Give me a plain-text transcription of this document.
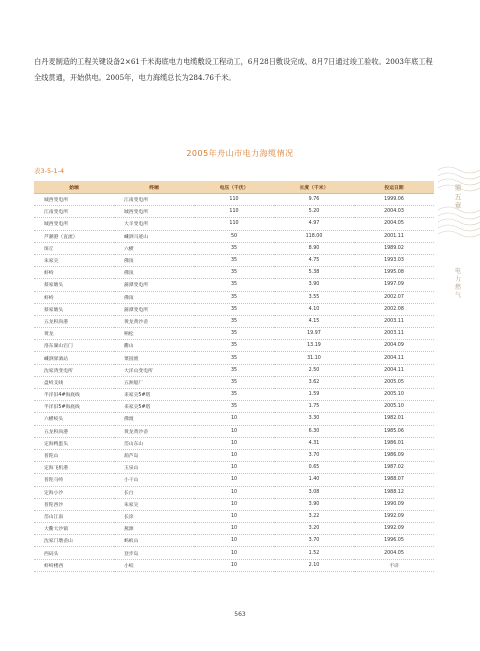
白丹麦制造的工程关键设备2×61千米海底电力电缆敷设工程动工，6月28日敷设完成、8月7日通过竣工验收。2003年底工程全线贯通，开始供电。2005年，电力海缆总长为284.76千米。
2005年舟山市电力海缆情况
表3-5-1-4
始端	终端	电压（千伏）	长度（千米）	投运日期
城西变电所	江南变电所	110	9.76	1999.06
江南变电所	城西变电所	110	5.20	2004.03
城西变电所	大羊变电所	110	4.97	2004.05
芦潮港（直流）	嵊泗马迹山	50	118.00	2001.11
斑丘	六横	35	8.90	1989.02
朱家尖	佛顶	35	4.75	1993.03
虾峙	佛顶	35	5.38	1995.08
蔡家塘头	蒲潭变电所	35	3.90	1997.09
虾峙	佛顶	35	3.55	2002.07
蔡家塘头	蒲潭变电所	35	4.10	2002.08
五龙积尚港	黄龙黄沙岙	35	4.15	2003.11
黄龙	响松	35	19.97	2003.11
洛东湖山宕门	衢山	35	13.19	2004.09
嵊泗驿酒站	菜园渔	35	31.10	2004.11
沈家湾变电所	大洋山变电所	35	2.50	2004.11
盘峙支线	五洲船厂	35	3.62	2005.05
半洋旧4#海底线	来家尖5#塔	35	1.59	2005.10
半洋旧5#海底线	来家尖5#塔	35	1.75	2005.10
六横峧头	佛渡	10	3.30	1982.01
五龙积尚港	黄龙黄沙岙	10	6.30	1985.06
定海鸭蛋头	岱山东山	10	4.31	1986.01
普陀山	葫芦岛	10	3.70	1986.09
定海飞机港	玉泉山	10	0.65	1987.02
普陀马峙	小干山	10	1.40	1988.07
定海小沙	长白	10	3.08	1988.12
普陀西沙	朱家尖	10	3.90	1990.09
岱山江南	长涂	10	3.22	1992.09
大衢大沙镇	燕源	10	3.20	1992.09
沈家门墩岙山	蚂蚁山	10	3.70	1996.05
西码头	登步岛	10	1.52	2004.05
虾峙楼西	小峧	10	2.10	不详
第五章
电力 燃气
563
